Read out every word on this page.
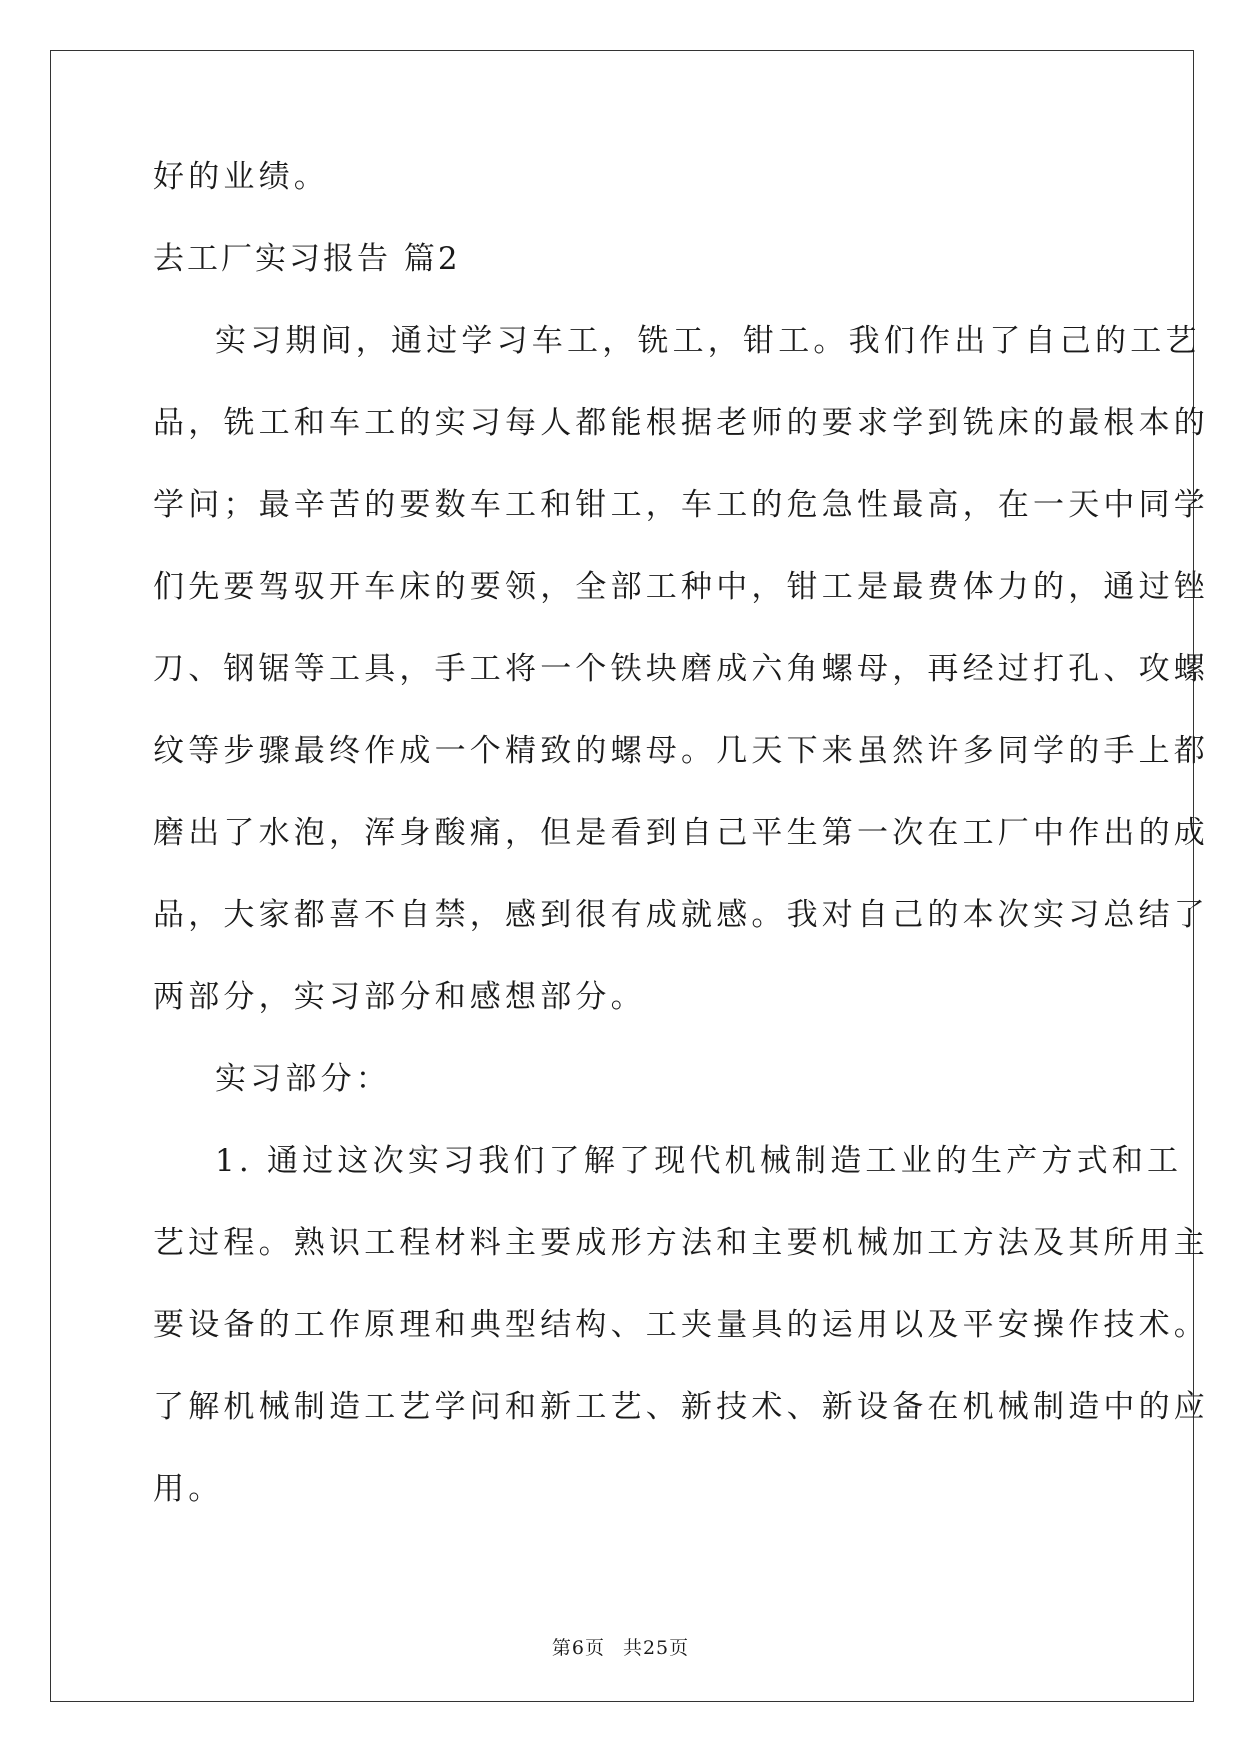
好的业绩。
去工厂实习报告 篇2
实习期间，通过学习车工，铣工，钳工。我们作出了自己的工艺
品，铣工和车工的实习每人都能根据老师的要求学到铣床的最根本的
学问；最辛苦的要数车工和钳工，车工的危急性最高，在一天中同学
们先要驾驭开车床的要领，全部工种中，钳工是最费体力的，通过锉
刀、钢锯等工具，手工将一个铁块磨成六角螺母，再经过打孔、攻螺
纹等步骤最终作成一个精致的螺母。几天下来虽然许多同学的手上都
磨出了水泡，浑身酸痛，但是看到自己平生第一次在工厂中作出的成
品，大家都喜不自禁，感到很有成就感。我对自己的本次实习总结了
两部分，实习部分和感想部分。
实习部分：
1. 通过这次实习我们了解了现代机械制造工业的生产方式和工
艺过程。熟识工程材料主要成形方法和主要机械加工方法及其所用主
要设备的工作原理和典型结构、工夹量具的运用以及平安操作技术。
了解机械制造工艺学问和新工艺、新技术、新设备在机械制造中的应
用。
第6页 共25页
